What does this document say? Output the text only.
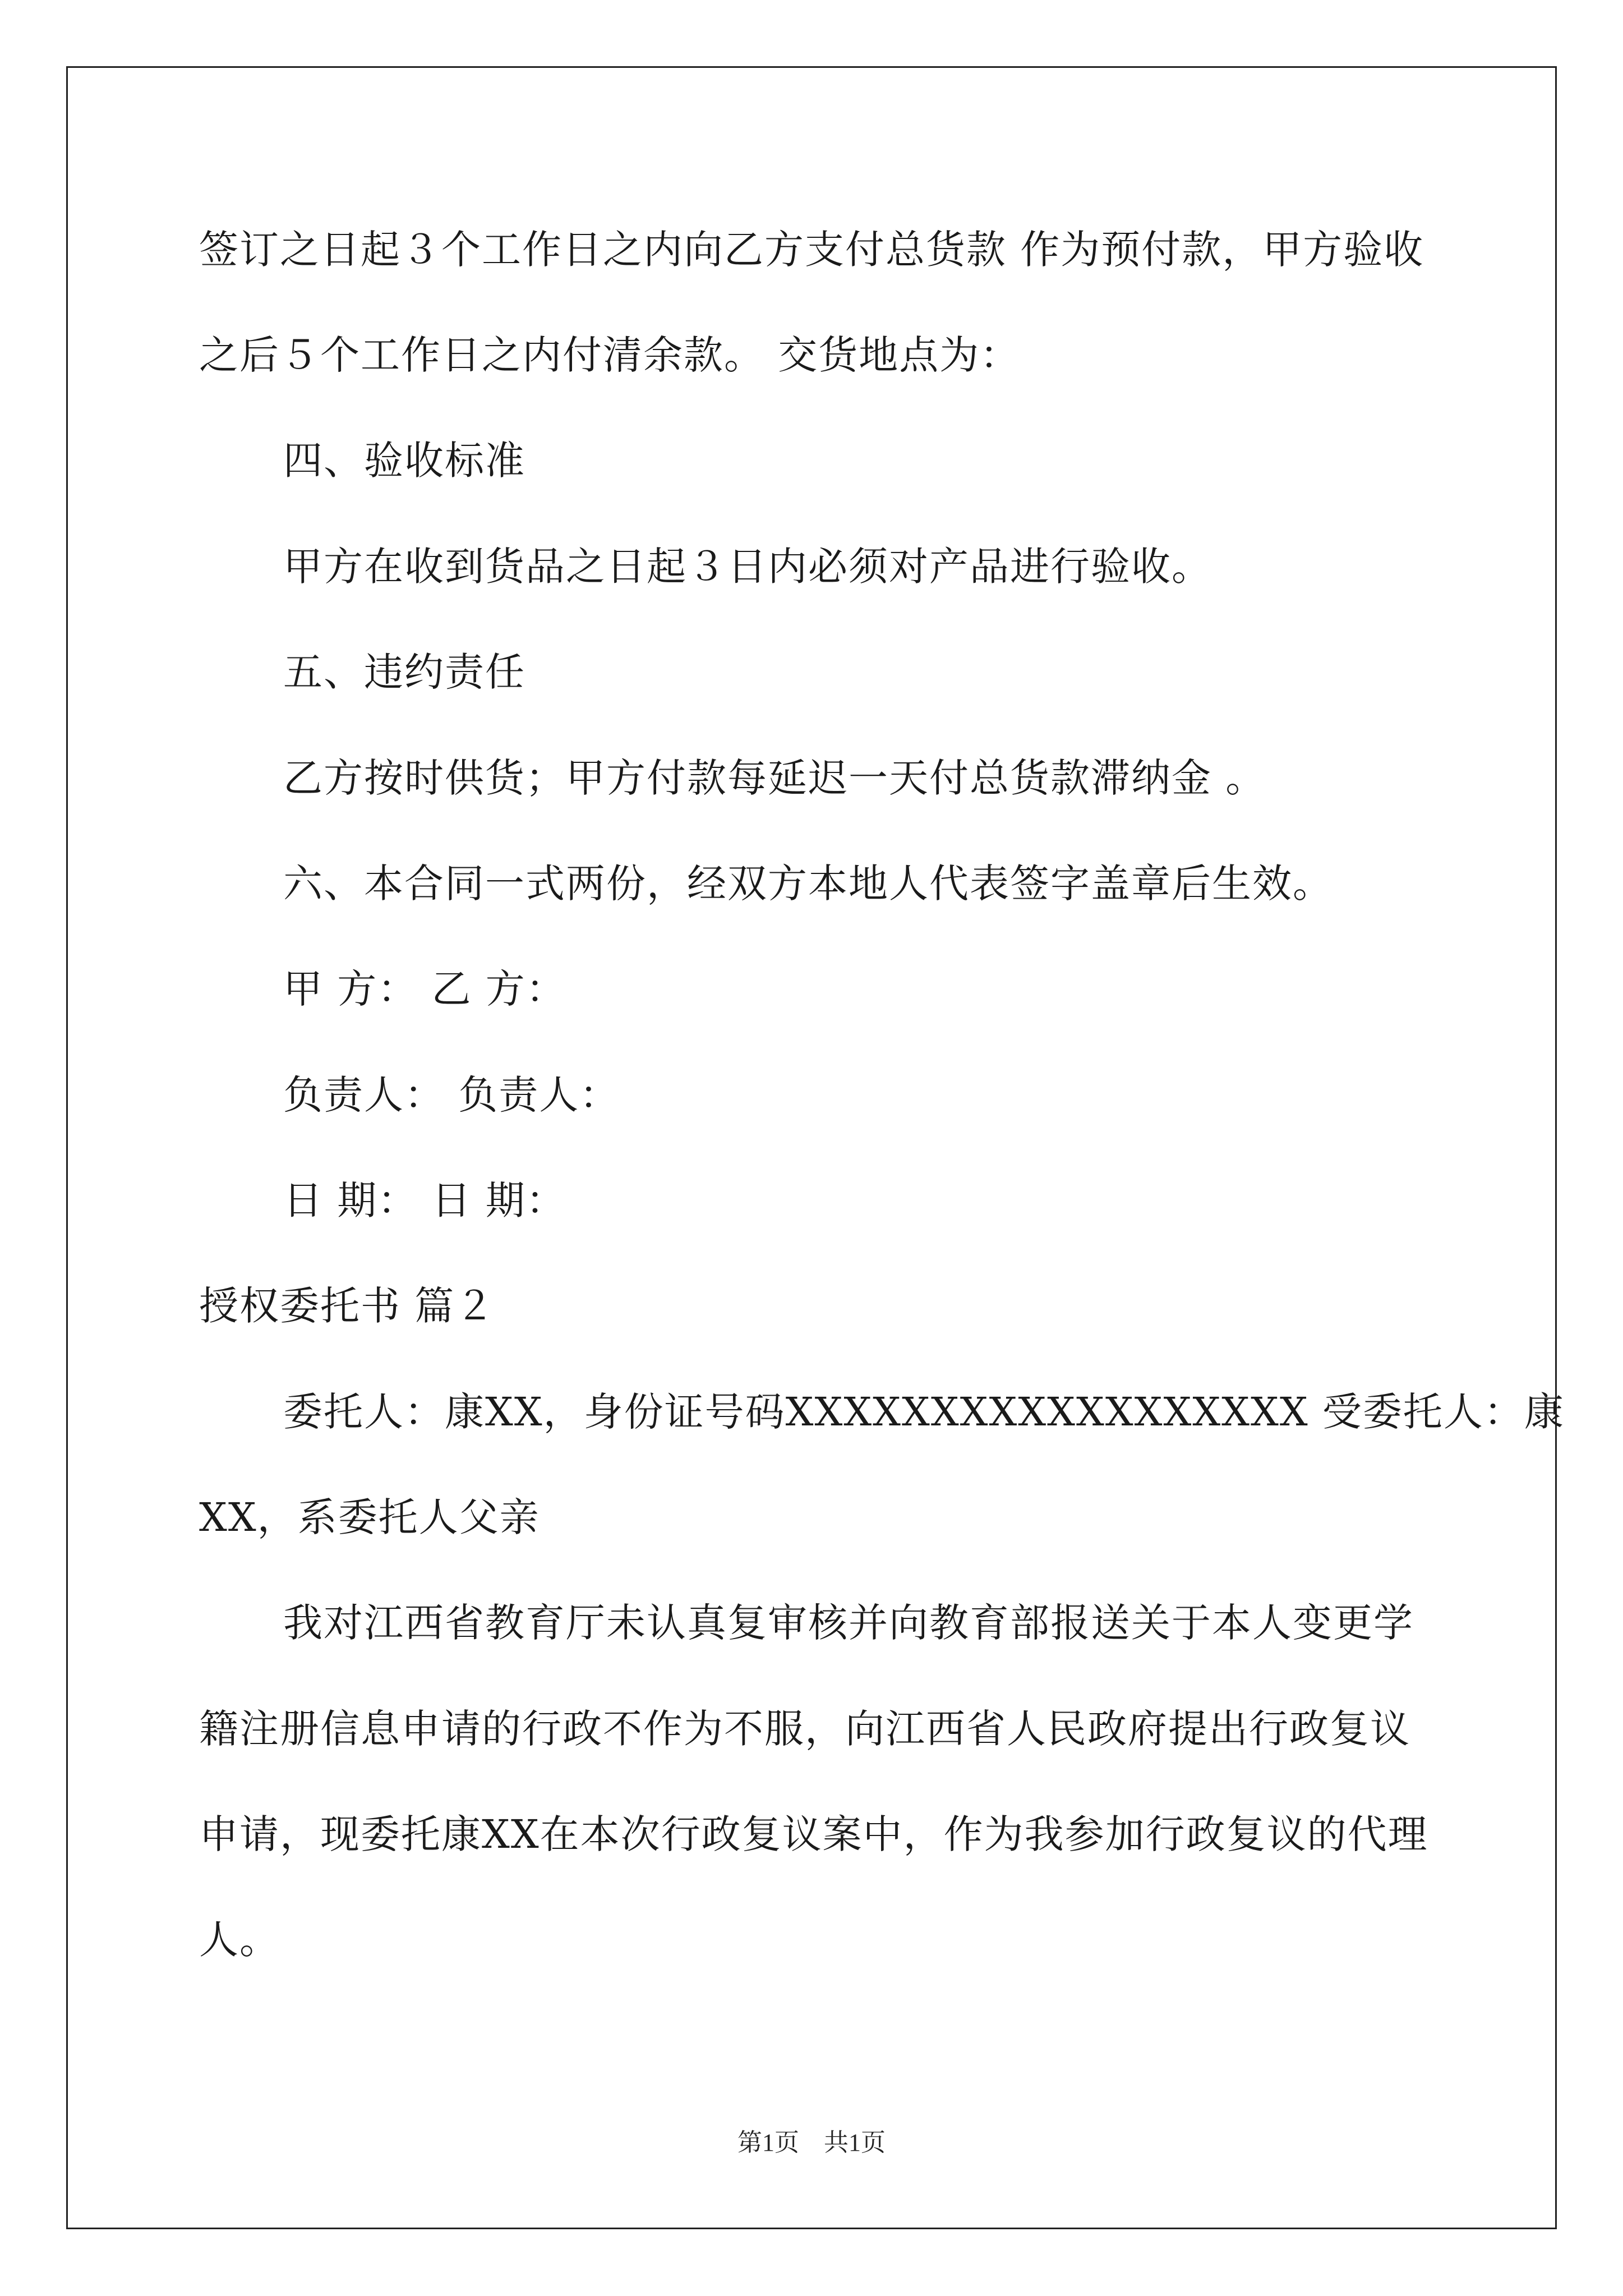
签订之日起３个工作日之内向乙方支付总货款 作为预付款，甲方验收
之后５个工作日之内付清余款。 交货地点为：
四、验收标准
甲方在收到货品之日起３日内必须对产品进行验收。
五、违约责任
乙方按时供货；甲方付款每延迟一天付总货款滞纳金 。
六、本合同一式两份，经双方本地人代表签字盖章后生效。
甲 方： 乙 方：
负责人： 负责人：
日 期： 日 期：
授权委托书 篇２
委托人：康XX，身份证号码XXXXXXXXXXXXXXXXXX 受委托人：康
XX，系委托人父亲
我对江西省教育厅未认真复审核并向教育部报送关于本人变更学
籍注册信息申请的行政不作为不服，向江西省人民政府提出行政复议
申请，现委托康XX在本次行政复议案中，作为我参加行政复议的代理
人。
第1页　共1页
